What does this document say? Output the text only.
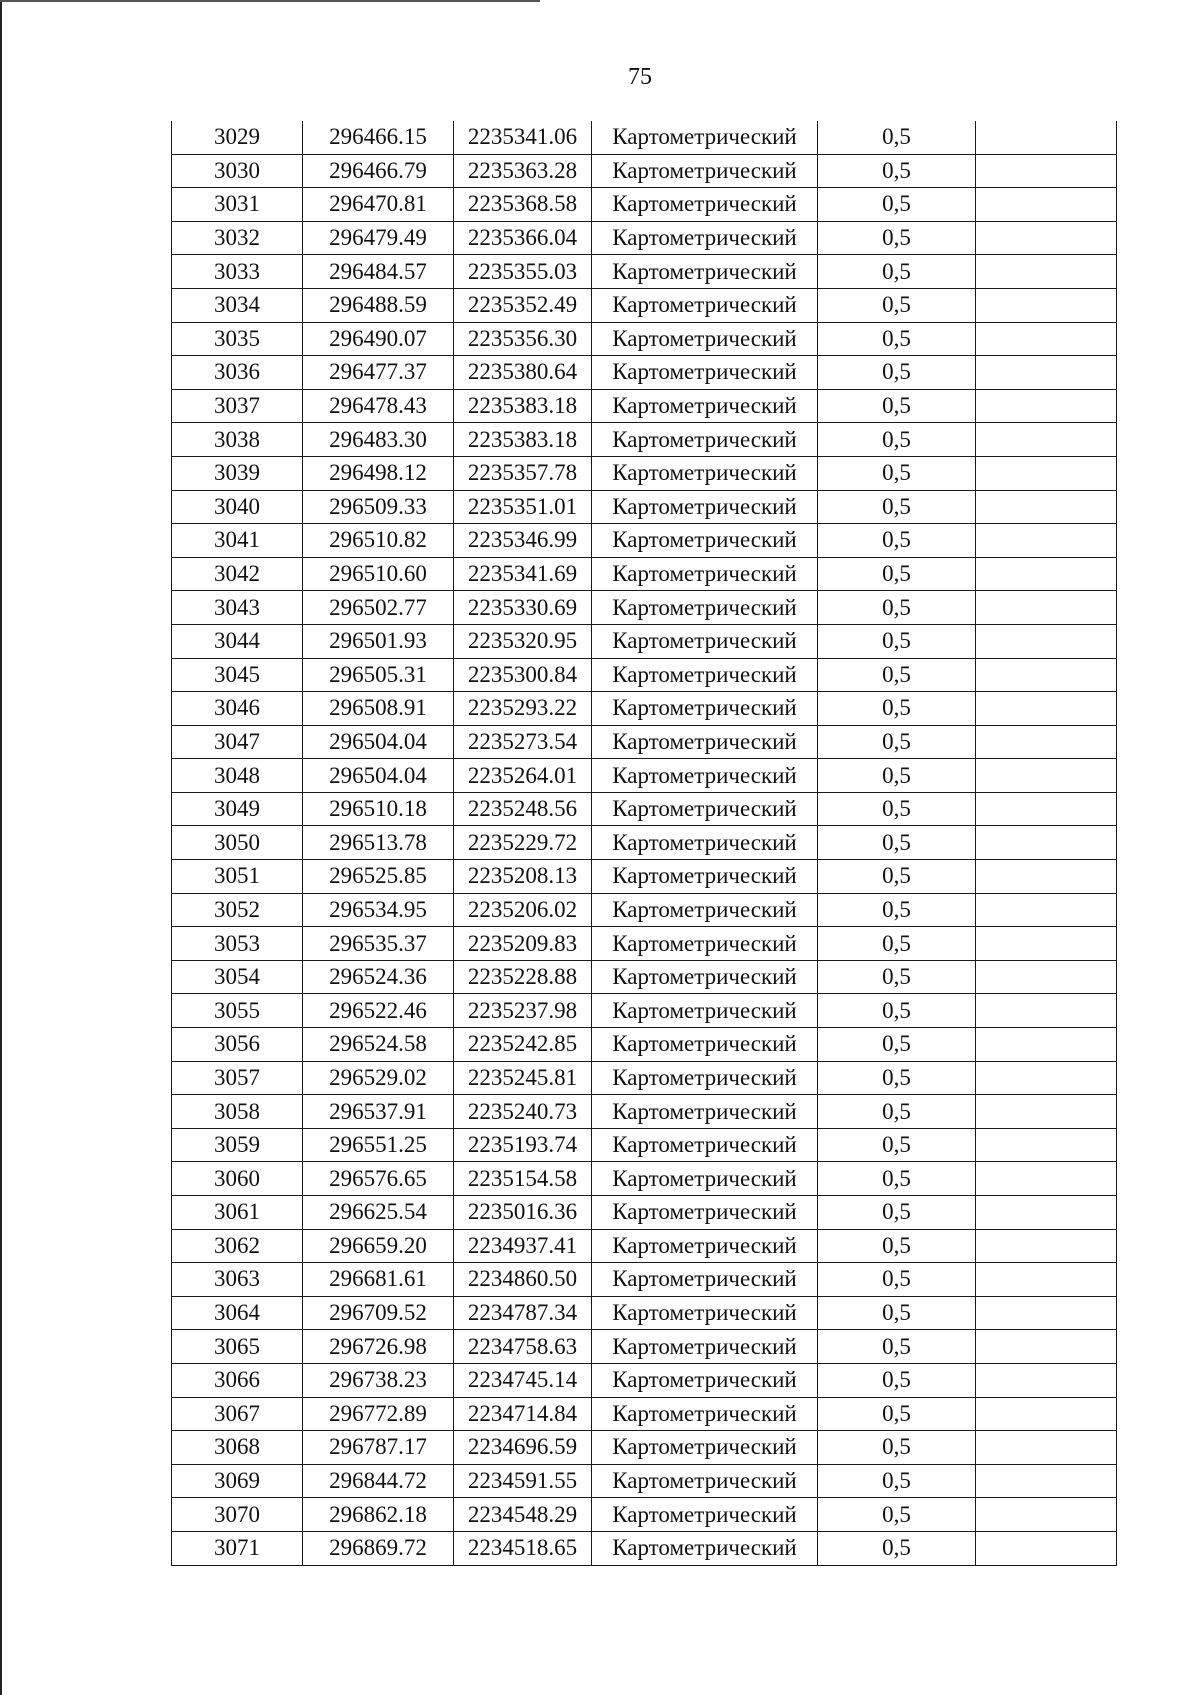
75
3029	296466.15	2235341.06	Картометрический	0,5	
3030	296466.79	2235363.28	Картометрический	0,5	
3031	296470.81	2235368.58	Картометрический	0,5	
3032	296479.49	2235366.04	Картометрический	0,5	
3033	296484.57	2235355.03	Картометрический	0,5	
3034	296488.59	2235352.49	Картометрический	0,5	
3035	296490.07	2235356.30	Картометрический	0,5	
3036	296477.37	2235380.64	Картометрический	0,5	
3037	296478.43	2235383.18	Картометрический	0,5	
3038	296483.30	2235383.18	Картометрический	0,5	
3039	296498.12	2235357.78	Картометрический	0,5	
3040	296509.33	2235351.01	Картометрический	0,5	
3041	296510.82	2235346.99	Картометрический	0,5	
3042	296510.60	2235341.69	Картометрический	0,5	
3043	296502.77	2235330.69	Картометрический	0,5	
3044	296501.93	2235320.95	Картометрический	0,5	
3045	296505.31	2235300.84	Картометрический	0,5	
3046	296508.91	2235293.22	Картометрический	0,5	
3047	296504.04	2235273.54	Картометрический	0,5	
3048	296504.04	2235264.01	Картометрический	0,5	
3049	296510.18	2235248.56	Картометрический	0,5	
3050	296513.78	2235229.72	Картометрический	0,5	
3051	296525.85	2235208.13	Картометрический	0,5	
3052	296534.95	2235206.02	Картометрический	0,5	
3053	296535.37	2235209.83	Картометрический	0,5	
3054	296524.36	2235228.88	Картометрический	0,5	
3055	296522.46	2235237.98	Картометрический	0,5	
3056	296524.58	2235242.85	Картометрический	0,5	
3057	296529.02	2235245.81	Картометрический	0,5	
3058	296537.91	2235240.73	Картометрический	0,5	
3059	296551.25	2235193.74	Картометрический	0,5	
3060	296576.65	2235154.58	Картометрический	0,5	
3061	296625.54	2235016.36	Картометрический	0,5	
3062	296659.20	2234937.41	Картометрический	0,5	
3063	296681.61	2234860.50	Картометрический	0,5	
3064	296709.52	2234787.34	Картометрический	0,5	
3065	296726.98	2234758.63	Картометрический	0,5	
3066	296738.23	2234745.14	Картометрический	0,5	
3067	296772.89	2234714.84	Картометрический	0,5	
3068	296787.17	2234696.59	Картометрический	0,5	
3069	296844.72	2234591.55	Картометрический	0,5	
3070	296862.18	2234548.29	Картометрический	0,5	
3071	296869.72	2234518.65	Картометрический	0,5	
